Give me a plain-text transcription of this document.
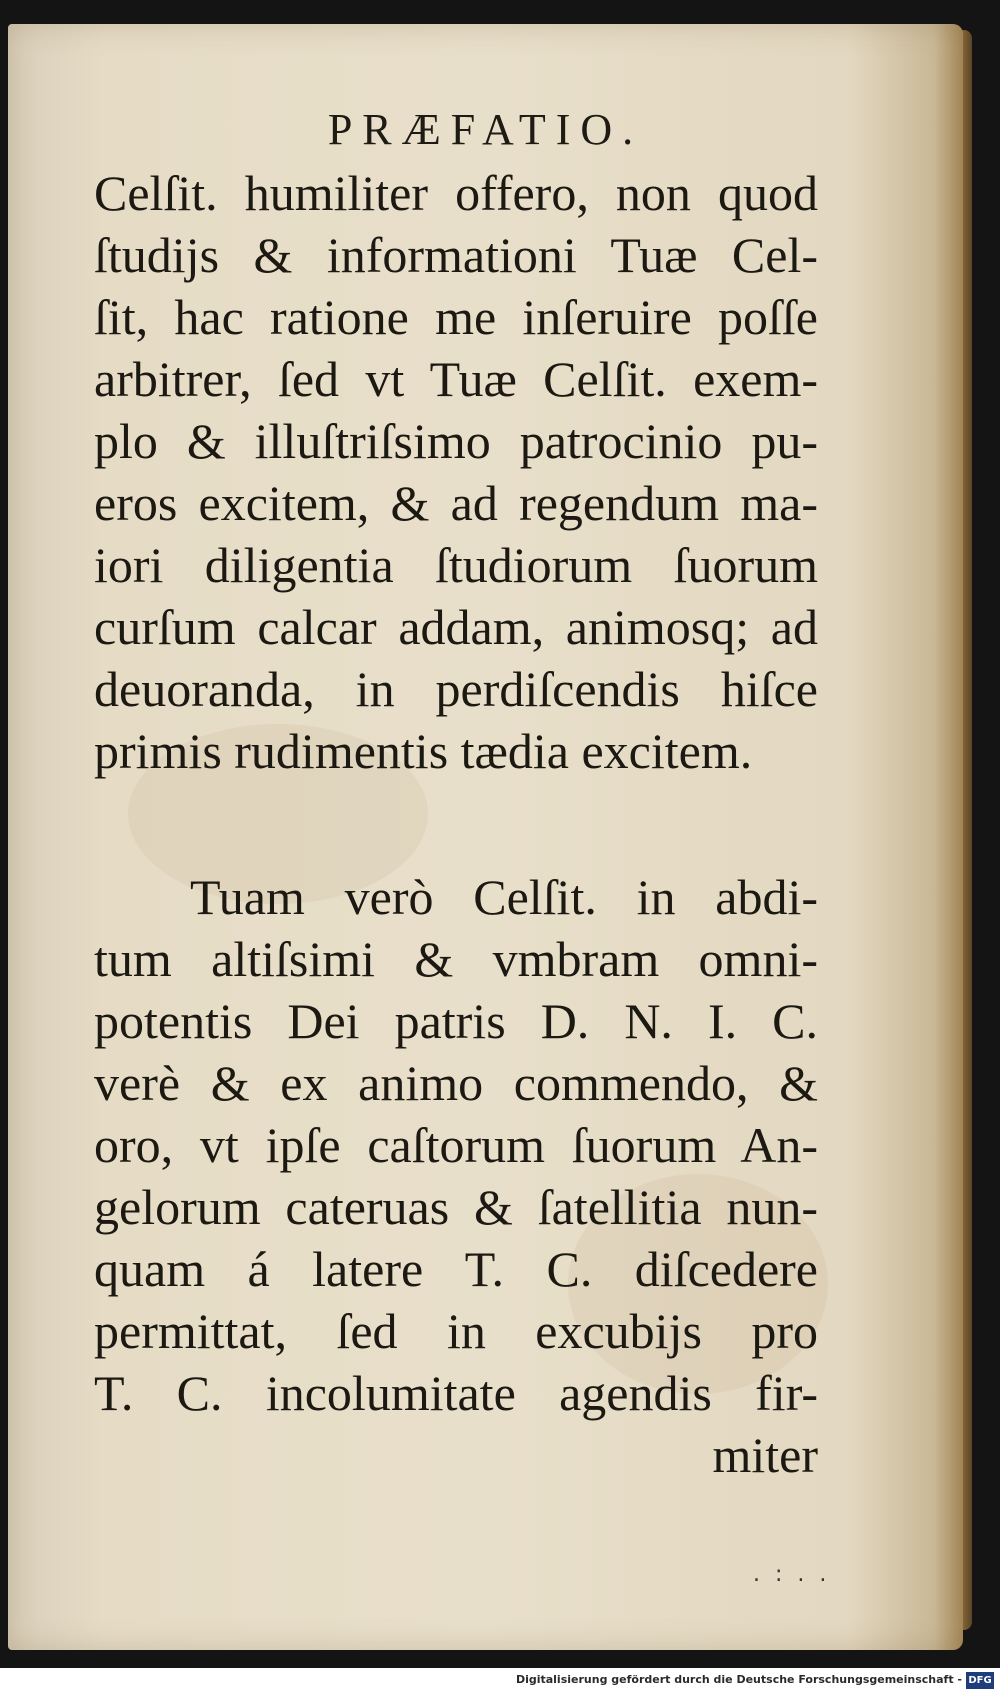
PRÆFATIO.
Celſit. humiliter offero, non quod
ſtudijs & informationi Tuæ Cel-
ſit, hac ratione me inſeruire poſſe
arbitrer, ſed vt Tuæ Celſit. exem-
plo & illuſtriſsimo patrocinio pu-
eros excitem, & ad regendum ma-
iori diligentia ſtudiorum ſuorum
curſum calcar addam, animosq; ad
deuoranda, in perdiſcendis hiſce
primis rudimentis tædia excitem.
Tuam verò Celſit. in abdi-
tum altiſsimi & vmbram omni-
potentis Dei patris D. N. I. C.
verè & ex animo commendo, &
oro, vt ipſe caſtorum ſuorum An-
gelorum cateruas & ſatellitia nun-
quam á latere T. C. diſcedere
permittat, ſed in excubijs pro
T. C. incolumitate agendis fir-
miter
. : . .
Digitalisierung gefördert durch die Deutsche Forschungsgemeinschaft - DFG
